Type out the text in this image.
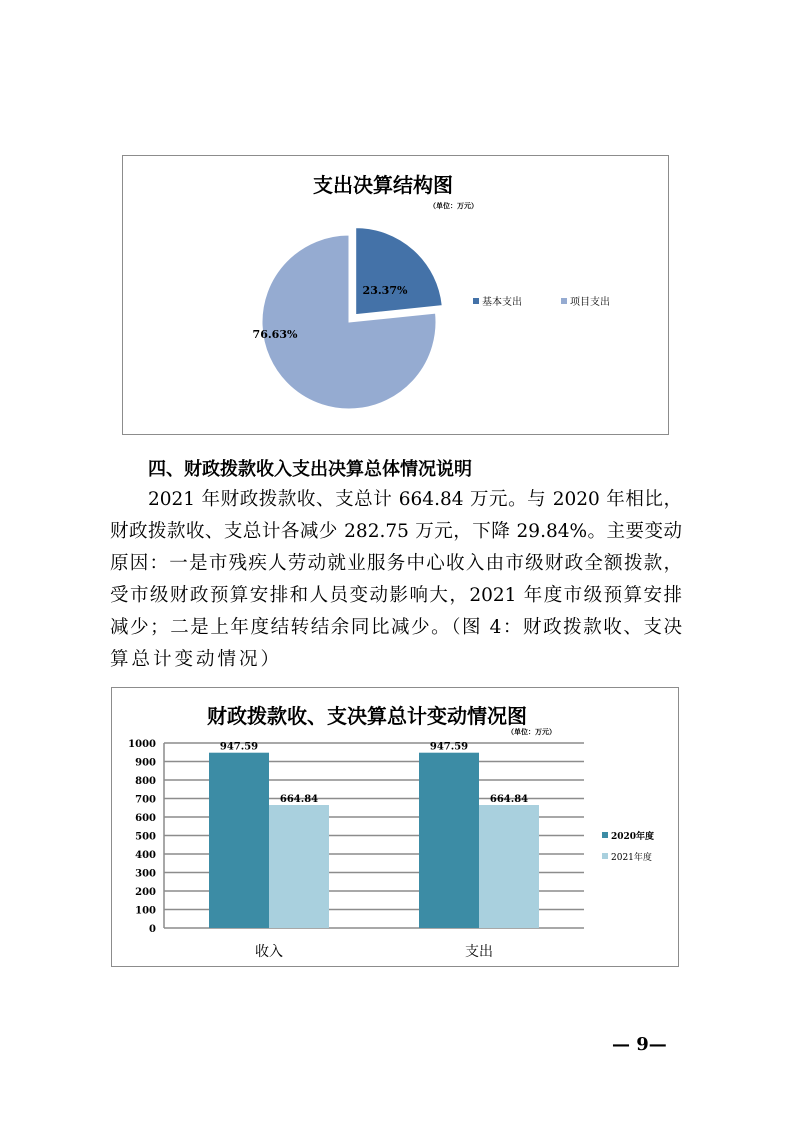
支出决算结构图
（单位：万元）
23.37%
基本支出
76.63%
项目支出
四、财政拨款收入支出决算总体情况说明
2021 年财政拨款收、支总计 664.84 万元。与 2020 年相比，
财政拨款收、支总计各减少 282.75 万元，下降 29.84%。主要变动
原因：一是市残疾人劳动就业服务中心收入由市级财政全额拨款，
受市级财政预算安排和人员变动影响大，2021 年度市级预算安排
减少；二是上年度结转结余同比减少。（图 4：财政拨款收、支决
算总计变动情况）
财政拨款收、支决算总计变动情况图
（单位：万元）
0
100
200
300
400
500
600
700
800
900
1000	947.59
664.84
收入
947.59
664.84
支出
2020年度
2021年度
— 9—
